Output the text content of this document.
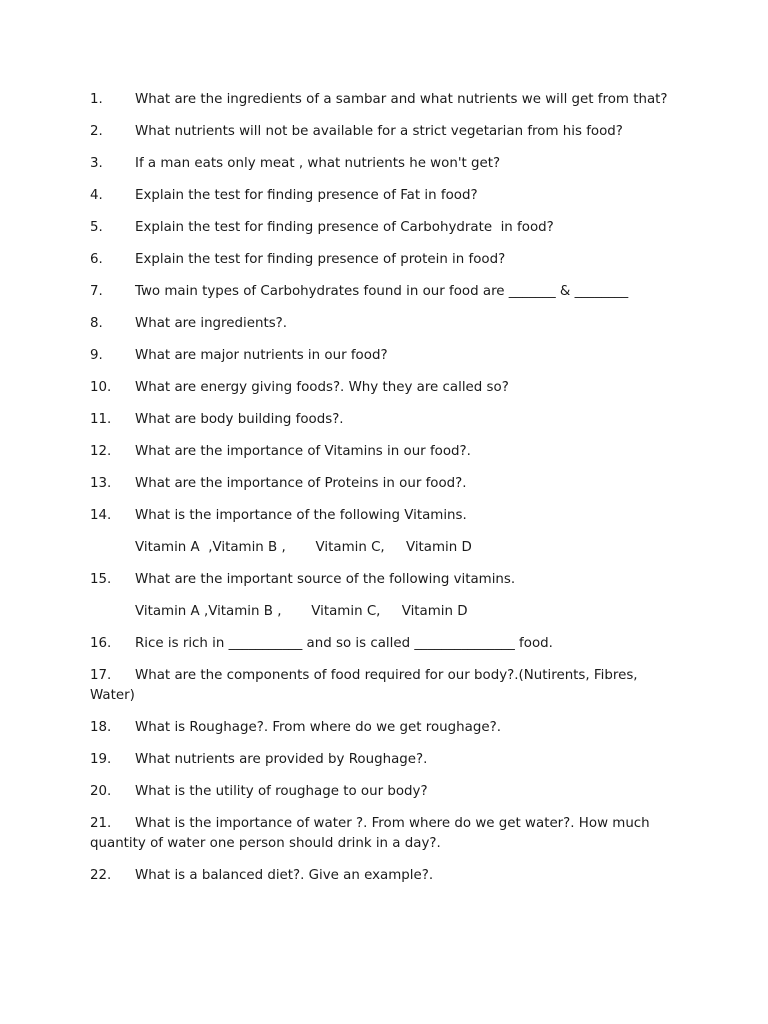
1. What are the ingredients of a sambar and what nutrients we will get from that?
2. What nutrients will not be available for a strict vegetarian from his food?
3. If a man eats only meat , what nutrients he won't get?
4. Explain the test for finding presence of Fat in food?
5. Explain the test for finding presence of Carbohydrate  in food?
6. Explain the test for finding presence of protein in food?
7. Two main types of Carbohydrates found in our food are _______ & ________
8. What are ingredients?.
9. What are major nutrients in our food?
10. What are energy giving foods?. Why they are called so?
11. What are body building foods?.
12. What are the importance of Vitamins in our food?.
13. What are the importance of Proteins in our food?.
14. What is the importance of the following Vitamins.
Vitamin A  ,Vitamin B ,       Vitamin C,     Vitamin D
15. What are the important source of the following vitamins.
Vitamin A ,Vitamin B ,       Vitamin C,     Vitamin D
16. Rice is rich in ___________ and so is called _______________ food.
17. What are the components of food required for our body?.(Nutirents, Fibres, Water)
18. What is Roughage?. From where do we get roughage?.
19. What nutrients are provided by Roughage?.
20. What is the utility of roughage to our body?
21. What is the importance of water ?. From where do we get water?. How much quantity of water one person should drink in a day?.
22. What is a balanced diet?. Give an example?.
